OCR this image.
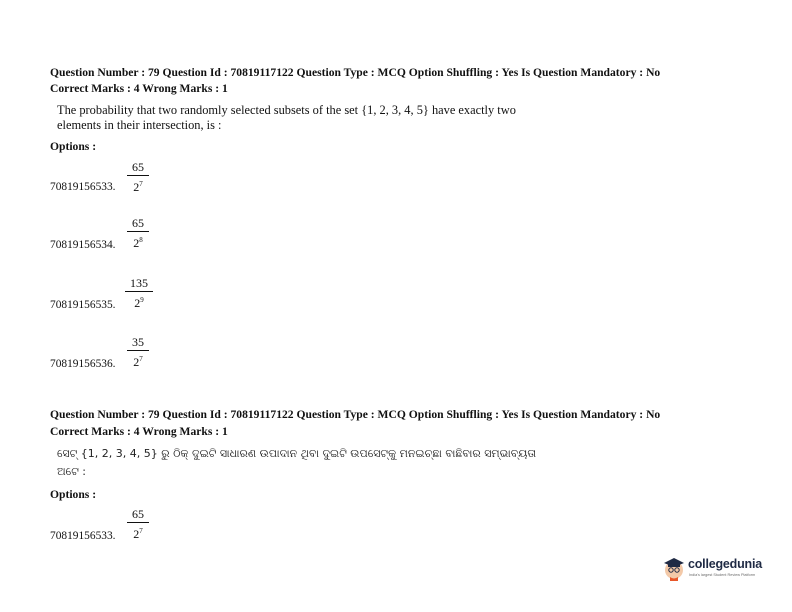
Question Number : 79 Question Id : 70819117122 Question Type : MCQ Option Shuffling : Yes Is Question Mandatory : No
Correct Marks : 4 Wrong Marks : 1
The probability that two randomly selected subsets of the set {1, 2, 3, 4, 5} have exactly two
elements in their intersection, is :
Options :
70819156533. $\frac{65}{2^7}$
70819156534. $\frac{65}{2^8}$
70819156535. $\frac{135}{2^9}$
70819156536. $\frac{35}{2^7}$
Question Number : 79 Question Id : 70819117122 Question Type : MCQ Option Shuffling : Yes Is Question Mandatory : No
Correct Marks : 4 Wrong Marks : 1
ସେଟ୍ {1, 2, 3, 4, 5} ରୁ ଠିକ୍ ଦୁଇଟି ସାଧାରଣ ଉପାଦାନ ଥିବା ଦୁଇଟି ଉପସେଟ୍‌କୁ ମନଇଚ୍ଛା ବାଛିବାର ସମ୍ଭାବ୍ୟତା
ଅଟେ :
Options :
70819156533. $\frac{65}{2^7}$
collegedunia
India's largest Student Review Platform
